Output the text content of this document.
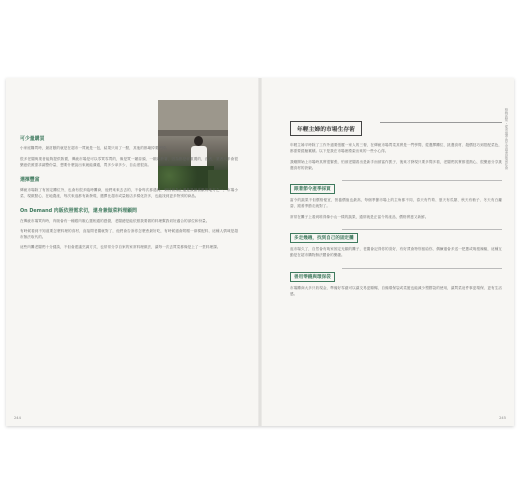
可少量購買

小家庭購買時，最討厭的就是在超市一買就是一包，結果只用了一點，其他的都壞掉要丟掉。

很多老闆與業者能夠提供散賣，傳統市場是可以零買零買的，像是買一顆蒜頭、一顆馬鈴薯，因為都是秤重賣的，沒者，業者大多會很樂意依照需求調整份量，想要什麼說出來就能溝通，買多少拿多少，自由度很高。

選擇豐富

傳統市場除了有固定攤位外，也會有很多臨時攤商，他們來來去去的，不會每次都遇到，到目前為止還是我最喜歡的地方之一，市場小菜、現做點心、在地農產，每次來逛都有新發現，選擇比超市或量販店多樣化許多，也能找到更多特別的商品。

On Demand 肉販依照需求切，還身兼做菜料理顧問

在傳統市場買肉時，肉販會有一種跟肉販心靈相通的感覺，老闆總是能依照我要做的料理幫我切好適合的部位和份量。

有時候看到不知道要怎麼料理的食材，直接問老闆就對了，他們會告訴你怎麼煮最好吃，有時候還會附贈一兩樣配料，這種人情味是超市無法取代的。

這些肉攤老闆們十分健談，不但會建議烹調方式，也常常分享自家的家常料理做法，讓每一次去買菜都像是上了一堂料理課。

244
年輕主婦的市場生存術

年輕主婦平時除了工作外還要張羅一家人的三餐，在傳統市場買菜其實是一門學問，從選擇攤位、挑選食材、殺價技巧到搭配菜色，都需要經驗累積。以下是我在市場裡摸索出來的一些小心得。

我剛開始上市場時其實很緊張，怕被老闆看出是新手而被當作凱子，後來才發現只要多問多看，老闆們其實都很熱心，很樂意分享挑選食材的訣竅。

跟著節令產季採買

當令的蔬果不但價格便宜，營養價值也最高，每個季節市場上的主角都不同，春天有竹筍、夏天有瓜類、秋天有柚子、冬天有白蘿蔔，跟著季節走就對了。

常常在攤子上看到堆得像小山一樣的蔬果，通常就是正當令的產品，價格實惠又新鮮。

多走幾趟，找到自己的固定攤

逛市場久了，自然會有幾家固定光顧的攤子，老闆會記得你的喜好，有好貨會特別留給你，偶爾還會多送一把蔥或幾根辣椒，這種互動是在超市購物無法體會的樂趣。

善用零錢與環保袋

市場攤商大多只收現金，準備好零錢可以讓交易更順暢，自備環保袋或菜籃也能減少塑膠袋的使用，讓買菜這件事更環保、更有生活感。

格物致知・從市場中的生活學習探索社會
245
